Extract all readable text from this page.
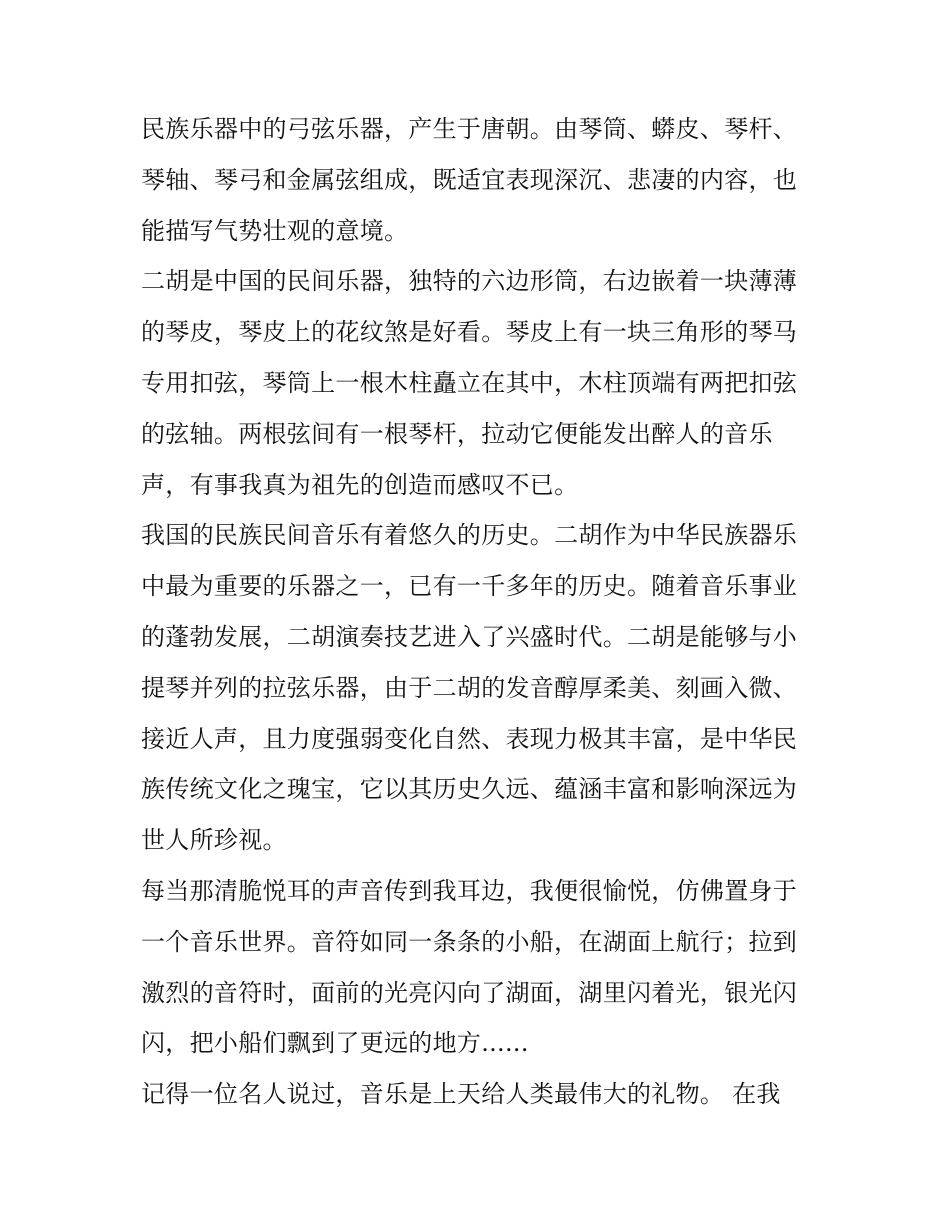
民族乐器中的弓弦乐器，产生于唐朝。由琴筒、蟒皮、琴杆、
琴轴、琴弓和金属弦组成，既适宜表现深沉、悲凄的内容，也
能描写气势壮观的意境。
二胡是中国的民间乐器，独特的六边形筒，右边嵌着一块薄薄
的琴皮，琴皮上的花纹煞是好看。琴皮上有一块三角形的琴马
专用扣弦，琴筒上一根木柱矗立在其中，木柱顶端有两把扣弦
的弦轴。两根弦间有一根琴杆，拉动它便能发出醉人的音乐
声，有事我真为祖先的创造而感叹不已。
我国的民族民间音乐有着悠久的历史。二胡作为中华民族器乐
中最为重要的乐器之一，已有一千多年的历史。随着音乐事业
的蓬勃发展，二胡演奏技艺进入了兴盛时代。二胡是能够与小
提琴并列的拉弦乐器，由于二胡的发音醇厚柔美、刻画入微、
接近人声，且力度强弱变化自然、表现力极其丰富，是中华民
族传统文化之瑰宝，它以其历史久远、蕴涵丰富和影响深远为
世人所珍视。
每当那清脆悦耳的声音传到我耳边，我便很愉悦，仿佛置身于
一个音乐世界。音符如同一条条的小船，在湖面上航行；拉到
激烈的音符时，面前的光亮闪向了湖面，湖里闪着光，银光闪
闪，把小船们飘到了更远的地方......
记得一位名人说过，音乐是上天给人类最伟大的礼物。 在我
